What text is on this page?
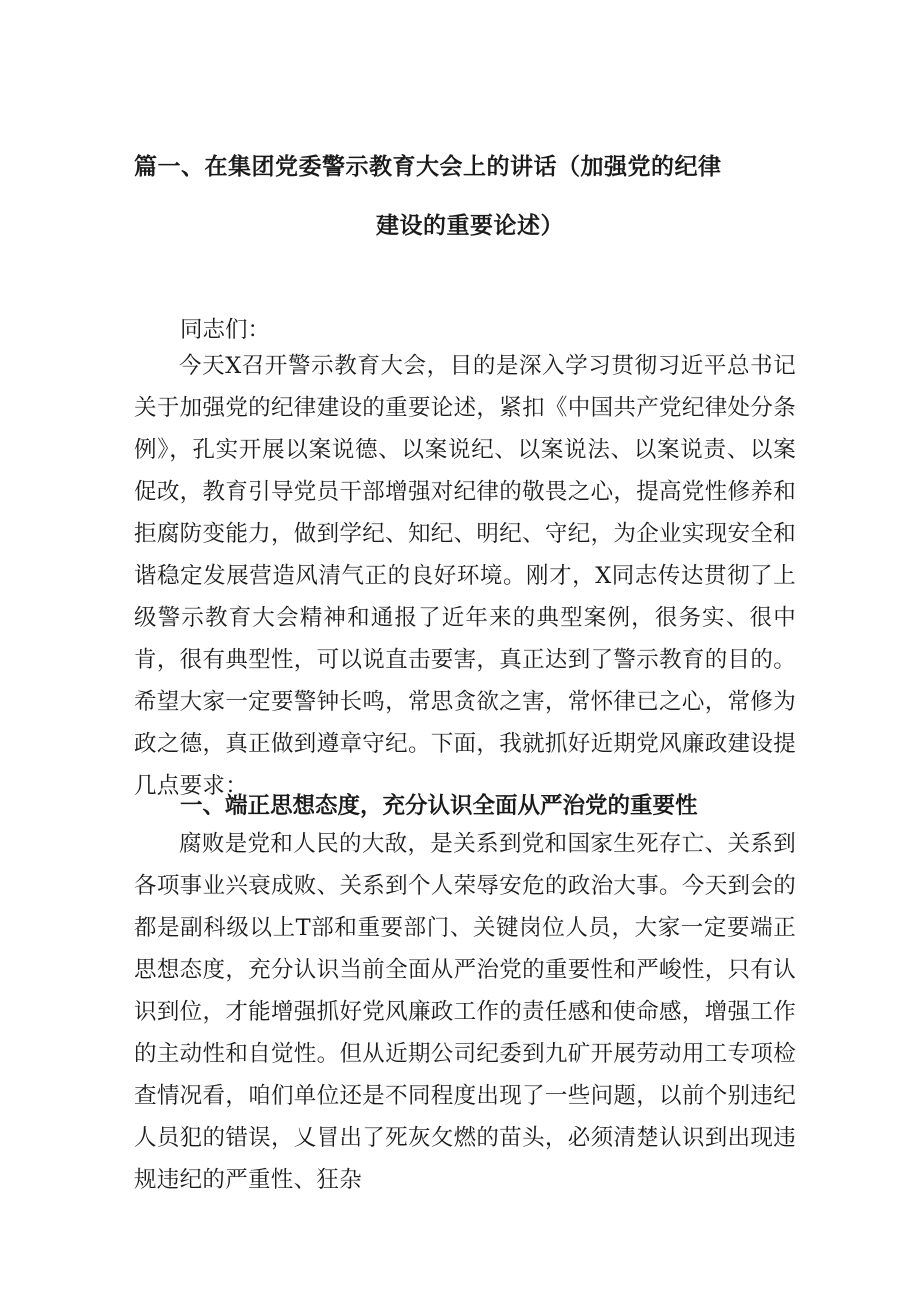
篇一、在集团党委警示教育大会上的讲话（加强党的纪律
建设的重要论述）
同志们：

今天X召开警示教育大会，目的是深入学习贯彻习近平总书记关于加强党的纪律建设的重要论述，紧扣《中国共产党纪律处分条例》，孔实开展以案说德、以案说纪、以案说法、以案说责、以案促改，教育引导党员干部增强对纪律的敬畏之心，提高党性修养和拒腐防变能力，做到学纪、知纪、明纪、守纪，为企业实现安全和谐稳定发展营造风清气正的良好环境。刚才，X同志传达贯彻了上级警示教育大会精神和通报了近年来的典型案例，很务实、很中肯，很有典型性，可以说直击要害，真正达到了警示教育的目的。希望大家一定要警钟长鸣，常思贪欲之害，常怀律已之心，常修为政之德，真正做到遵章守纪。下面，我就抓好近期党风廉政建设提几点要求：

一、端正思想态度，充分认识全面从严治党的重要性

腐败是党和人民的大敌，是关系到党和国家生死存亡、关系到各项事业兴衰成败、关系到个人荣辱安危的政治大事。今天到会的都是副科级以上T部和重要部门、关键岗位人员，大家一定要端正思想态度，充分认识当前全面从严治党的重要性和严峻性，只有认识到位，才能增强抓好党风廉政工作的责任感和使命感，增强工作的主动性和自觉性。但从近期公司纪委到九矿开展劳动用工专项检查情况看，咱们单位还是不同程度出现了一些问题，以前个别违纪人员犯的错误，乂冒出了死灰攵燃的苗头，必须清楚认识到出现违规违纪的严重性、狂杂
